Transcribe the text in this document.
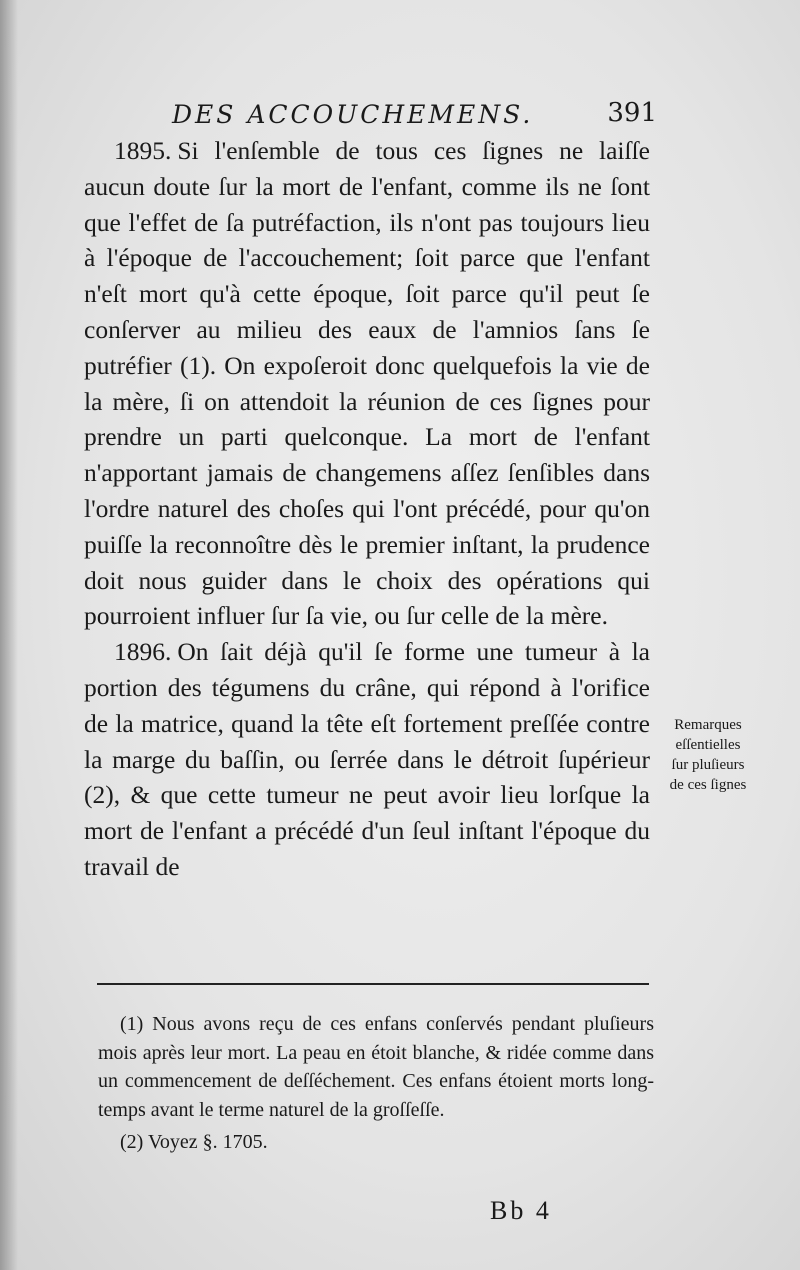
DES ACCOUCHEMENS.	391

1895. Si l'enſemble de tous ces ſignes ne laiſſe aucun doute ſur la mort de l'enfant, comme ils ne ſont que l'effet de ſa putréfaction, ils n'ont pas toujours lieu à l'époque de l'accouchement; ſoit parce que l'enfant n'eſt mort qu'à cette époque, ſoit parce qu'il peut ſe conſerver au milieu des eaux de l'amnios ſans ſe putréfier (1). On expoſeroit donc quelquefois la vie de la mère, ſi on attendoit la réunion de ces ſignes pour prendre un parti quelconque. La mort de l'enfant n'apportant jamais de changemens aſſez ſenſibles dans l'ordre naturel des choſes qui l'ont précédé, pour qu'on puiſſe la reconnoître dès le premier inſtant, la prudence doit nous guider dans le choix des opérations qui pourroient influer ſur ſa vie, ou ſur celle de la mère.

1896. On ſait déjà qu'il ſe forme une tumeur à la portion des tégumens du crâne, qui répond à l'orifice de la matrice, quand la tête eſt fortement preſſée contre la marge du baſſin, ou ſerrée dans le détroit ſupérieur (2), & que cette tumeur ne peut avoir lieu lorſque la mort de l'enfant a précédé d'un ſeul inſtant l'époque du travail de

Remarques
eſſentielles
ſur pluſieurs
de ces ſignes

(1) Nous avons reçu de ces enfans conſervés pendant pluſieurs mois après leur mort. La peau en étoit blanche, & ridée comme dans un commencement de deſſéchement. Ces enfans étoient morts long-temps avant le terme naturel de la groſſeſſe.

(2) Voyez §. 1705.

Bb 4
